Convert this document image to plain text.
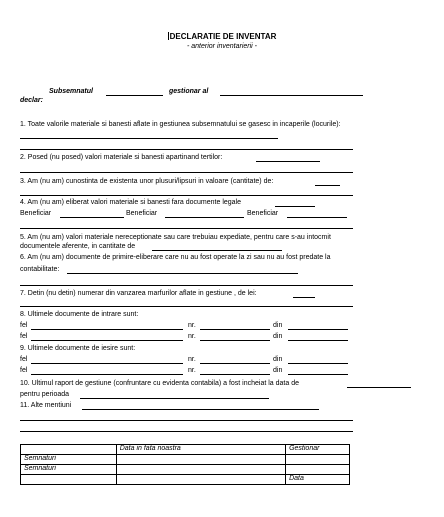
DECLARATIE DE INVENTAR
- anterior inventarierii -
Subsemnatul	gestionar al
declar:
1. Toate valorile materiale si banesti aflate in gestiunea subsemnatului se gasesc in incaperile (locurile):
2. Posed (nu posed) valori materiale si banesti apartinand tertilor:
3. Am (nu am) cunostinta de existenta unor plusuri/lipsuri in valoare (cantitate) de:
4. Am (nu am) eliberat valori materiale si banesti fara documente legale
Beneficiar	Beneficiar	Beneficiar
5. Am (nu am) valori materiale nereceptionate sau care trebuiau expediate, pentru care s-au intocmit
documentele aferente, in cantitate de
6. Am (nu am) documente de primire-eliberare care nu au fost operate la zi sau nu au fost predate la
contabilitate:
7. Detin (nu detin) numerar din vanzarea marfurilor aflate in gestiune , de lei:
8. Ultimele documente de intrare sunt:
fel	nr.	din
fel	nr.	din
9. Ultimele documente de iesire sunt:
fel	nr.	din
fel	nr.	din
10. Ultimul raport de gestiune (confruntare cu evidenta contabila) a fost incheiat la data de
pentru perioada
11. Alte mentiuni
	Data in fata noastra	Gestionar
Semnaturi		
Semnaturi		
		Data
